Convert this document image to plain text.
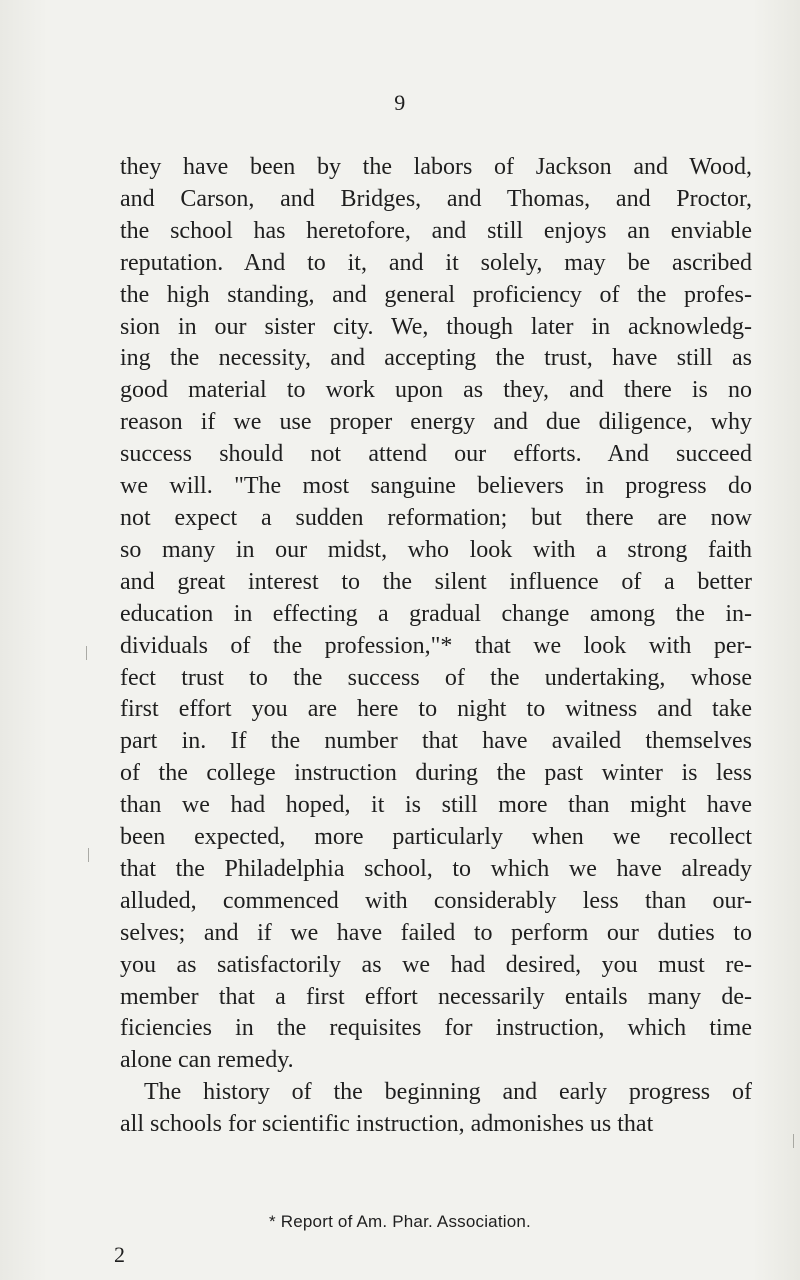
9
they have been by the labors of Jackson and Wood,
and Carson, and Bridges, and Thomas, and Proctor,
the school has heretofore, and still enjoys an enviable
reputation. And to it, and it solely, may be ascribed
the high standing, and general proficiency of the profes-
sion in our sister city. We, though later in acknowledg-
ing the necessity, and accepting the trust, have still as
good material to work upon as they, and there is no
reason if we use proper energy and due diligence, why
success should not attend our efforts. And succeed
we will. "The most sanguine believers in progress do
not expect a sudden reformation; but there are now
so many in our midst, who look with a strong faith
and great interest to the silent influence of a better
education in effecting a gradual change among the in-
dividuals of the profession,"* that we look with per-
fect trust to the success of the undertaking, whose
first effort you are here to night to witness and take
part in. If the number that have availed themselves
of the college instruction during the past winter is less
than we had hoped, it is still more than might have
been expected, more particularly when we recollect
that the Philadelphia school, to which we have already
alluded, commenced with considerably less than our-
selves; and if we have failed to perform our duties to
you as satisfactorily as we had desired, you must re-
member that a first effort necessarily entails many de-
ficiencies in the requisites for instruction, which time
alone can remedy.
The history of the beginning and early progress of
all schools for scientific instruction, admonishes us that
* Report of Am. Phar. Association.
2
